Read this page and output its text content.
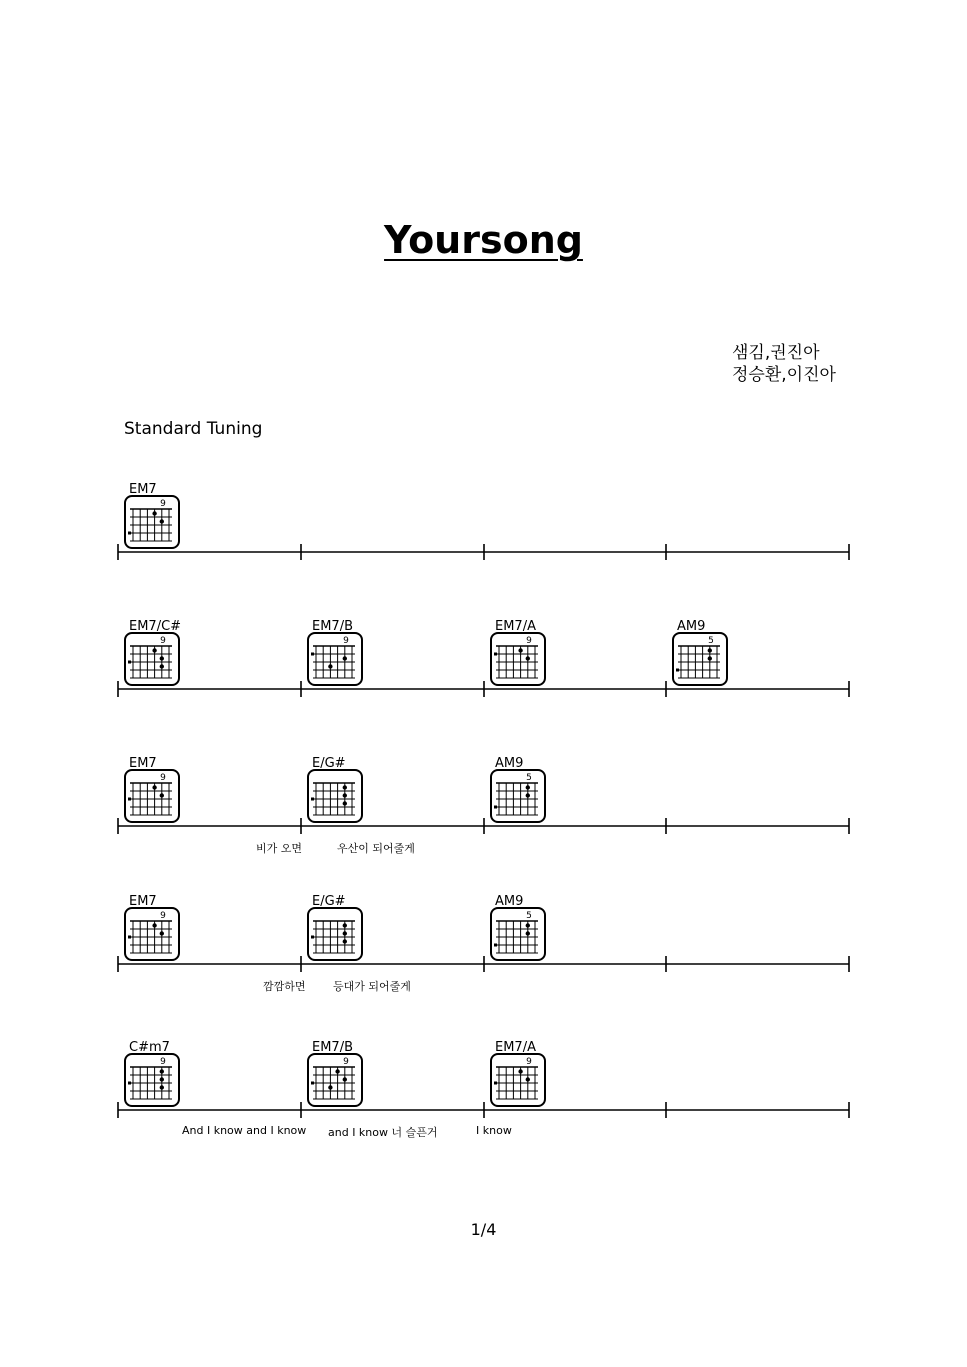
Yoursong
샘김,권진아
정승환,이진아
Standard Tuning
EM7
9
EM7/C#
9
EM7/B
9
EM7/A
9
AM9
5
EM7
9
E/G#	AM9
5
비가 오면	우산이 되어줄게
EM7
9
E/G#	AM9
5
깜깜하면 등대가 되어줄게
C#m7
9
EM7/B
9
EM7/A
9
And I know and I know and I know 너 슬픈거	I know
1/4
